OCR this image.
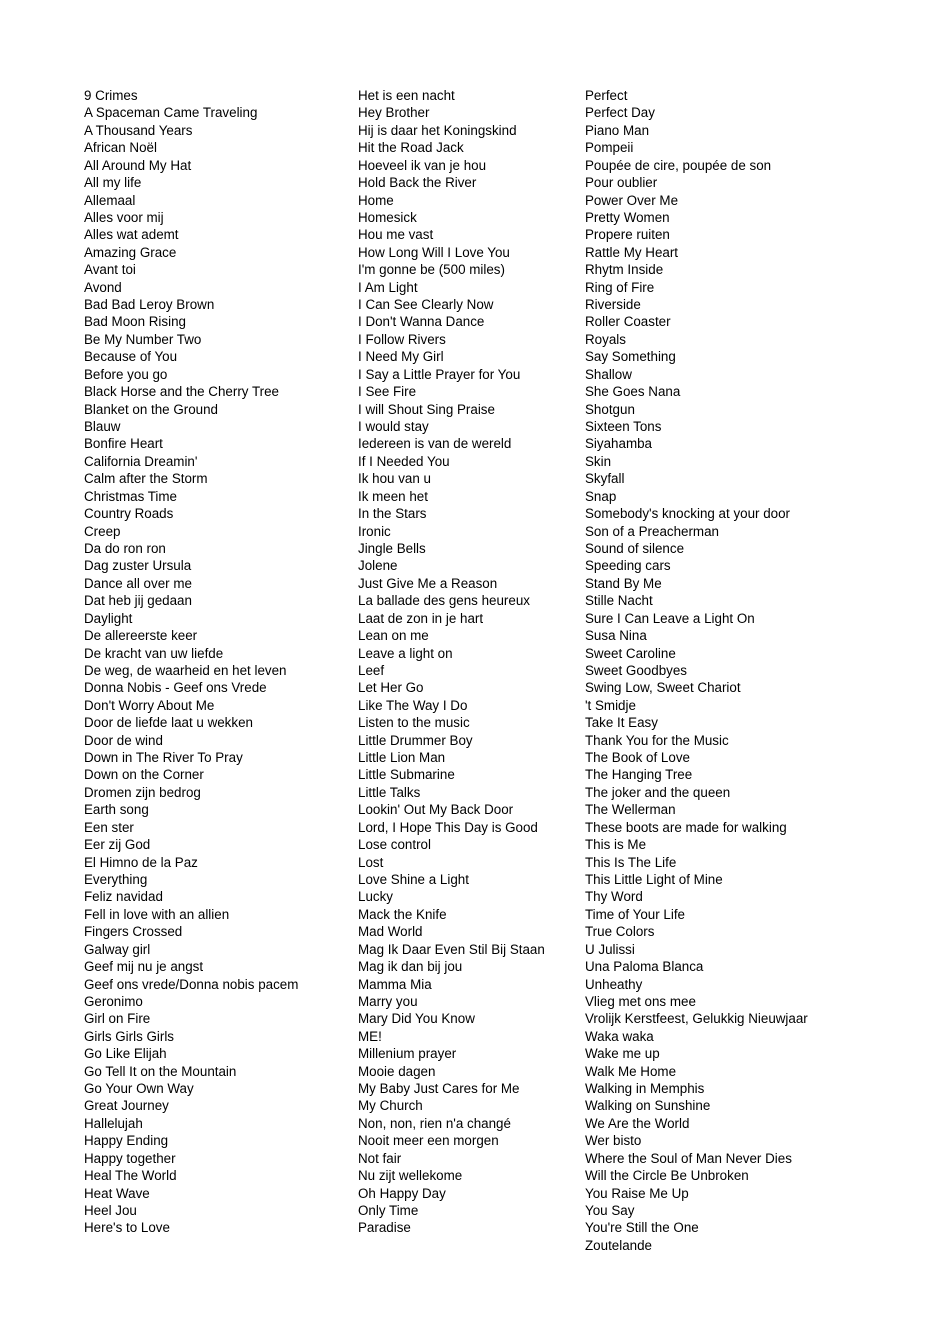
9 Crimes
A Spaceman Came Traveling
A Thousand Years
African Noël
All Around My Hat
All my life
Allemaal
Alles voor mij
Alles wat ademt
Amazing Grace
Avant toi
Avond
Bad Bad Leroy Brown
Bad Moon Rising
Be My Number Two
Because of You
Before you go
Black Horse and the Cherry Tree
Blanket on the Ground
Blauw
Bonfire Heart
California Dreamin'
Calm after the Storm
Christmas Time
Country Roads
Creep
Da do ron ron
Dag zuster Ursula
Dance all over me
Dat heb jij gedaan
Daylight
De allereerste keer
De kracht van uw liefde
De weg, de waarheid en het leven
Donna Nobis - Geef ons Vrede
Don't Worry About Me
Door de liefde laat u wekken
Door de wind
Down in The River To Pray
Down on the Corner
Dromen zijn bedrog
Earth song
Een ster
Eer zij God
El Himno de la Paz
Everything
Feliz navidad
Fell in love with an allien
Fingers Crossed
Galway girl
Geef mij nu je angst
Geef ons vrede/Donna nobis pacem
Geronimo
Girl on Fire
Girls Girls Girls
Go Like Elijah
Go Tell It on the Mountain
Go Your Own Way
Great Journey
Hallelujah
Happy Ending
Happy together
Heal The World
Heat Wave
Heel Jou
Here's to Love
Het is een nacht
Hey Brother
Hij is daar het Koningskind
Hit the Road Jack
Hoeveel ik van je hou
Hold Back the River
Home
Homesick
Hou me vast
How Long Will I Love You
I'm gonne be (500 miles)
I Am Light
I Can See Clearly Now
I Don't Wanna Dance
I Follow Rivers
I Need My Girl
I Say a Little Prayer for You
I See Fire
I will Shout Sing Praise
I would stay
Iedereen is van de wereld
If I Needed You
Ik hou van u
Ik meen het
In the Stars
Ironic
Jingle Bells
Jolene
Just Give Me a Reason
La ballade des gens heureux
Laat de zon in je hart
Lean on me
Leave a light on
Leef
Let Her Go
Like The Way I Do
Listen to the music
Little Drummer Boy
Little Lion Man
Little Submarine
Little Talks
Lookin' Out My Back Door
Lord, I Hope This Day is Good
Lose control
Lost
Love Shine a Light
Lucky
Mack the Knife
Mad World
Mag Ik Daar Even Stil Bij Staan
Mag ik dan bij jou
Mamma Mia
Marry you
Mary Did You Know
ME!
Millenium prayer
Mooie dagen
My Baby Just Cares for Me
My Church
Non, non, rien n'a changé
Nooit meer een morgen
Not fair
Nu zijt wellekome
Oh Happy Day
Only Time
Paradise
Perfect
Perfect Day
Piano Man
Pompeii
Poupée de cire, poupée de son
Pour oublier
Power Over Me
Pretty Women
Propere ruiten
Rattle My Heart
Rhytm Inside
Ring of Fire
Riverside
Roller Coaster
Royals
Say Something
Shallow
She Goes Nana
Shotgun
Sixteen Tons
Siyahamba
Skin
Skyfall
Snap
Somebody's knocking at your door
Son of a Preacherman
Sound of silence
Speeding cars
Stand By Me
Stille Nacht
Sure I Can Leave a Light On
Susa Nina
Sweet Caroline
Sweet Goodbyes
Swing Low, Sweet Chariot
't Smidje
Take It Easy
Thank You for the Music
The Book of Love
The Hanging Tree
The joker and the queen
The Wellerman
These boots are made for walking
This is Me
This Is The Life
This Little Light of Mine
Thy Word
Time of Your Life
True Colors
U Julissi
Una Paloma Blanca
Unheathy
Vlieg met ons mee
Vrolijk Kerstfeest, Gelukkig Nieuwjaar
Waka waka
Wake me up
Walk Me Home
Walking in Memphis
Walking on Sunshine
We Are the World
Wer bisto
Where the Soul of Man Never Dies
Will the Circle Be Unbroken
You Raise Me Up
You Say
You're Still the One
Zoutelande
